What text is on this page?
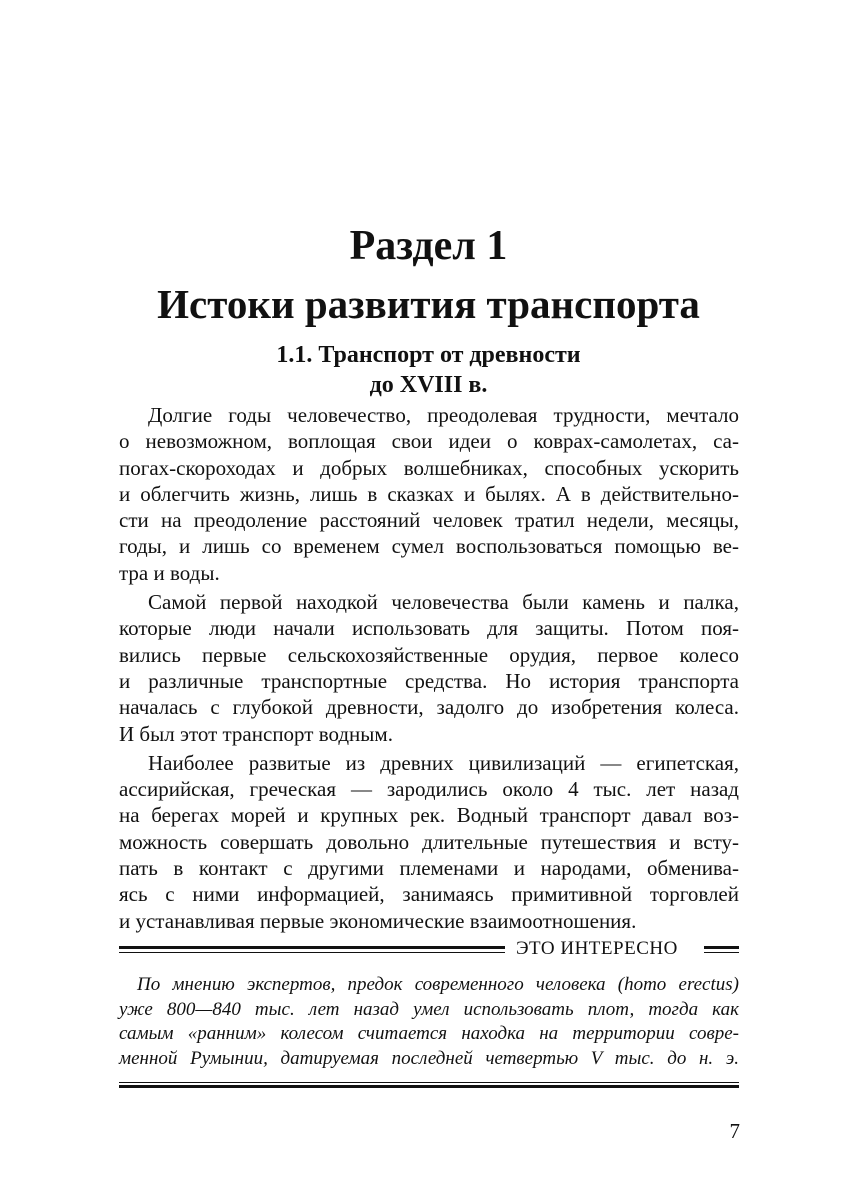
Раздел 1
Истоки развития транспорта
1.1. Транспорт от древности
до XVIII в.

Долгие годы человечество, преодолевая трудности, мечтало
о невозможном, воплощая свои идеи о коврах-самолетах, са-
погах-скороходах и добрых волшебниках, способных ускорить
и облегчить жизнь, лишь в сказках и былях. А в действительно-
сти на преодоление расстояний человек тратил недели, месяцы,
годы, и лишь со временем сумел воспользоваться помощью ве-
тра и воды.

Самой первой находкой человечества были камень и палка,
которые люди начали использовать для защиты. Потом поя-
вились первые сельскохозяйственные орудия, первое колесо
и различные транспортные средства. Но история транспорта
началась с глубокой древности, задолго до изобретения колеса.
И был этот транспорт водным.

Наиболее развитые из древних цивилизаций — египетская,
ассирийская, греческая — зародились около 4 тыс. лет назад
на берегах морей и крупных рек. Водный транспорт давал воз-
можность совершать довольно длительные путешествия и всту-
пать в контакт с другими племенами и народами, обменива-
ясь с ними информацией, занимаясь примитивной торговлей
и устанавливая первые экономические взаимоотношения.

ЭТО ИНТЕРЕСНО
По мнению экспертов, предок современного человека (homo erectus)
уже 800—840 тыс. лет назад умел использовать плот, тогда как
самым «ранним» колесом считается находка на территории совре-
менной Румынии, датируемая последней четвертью V тыс. до н. э.
7
